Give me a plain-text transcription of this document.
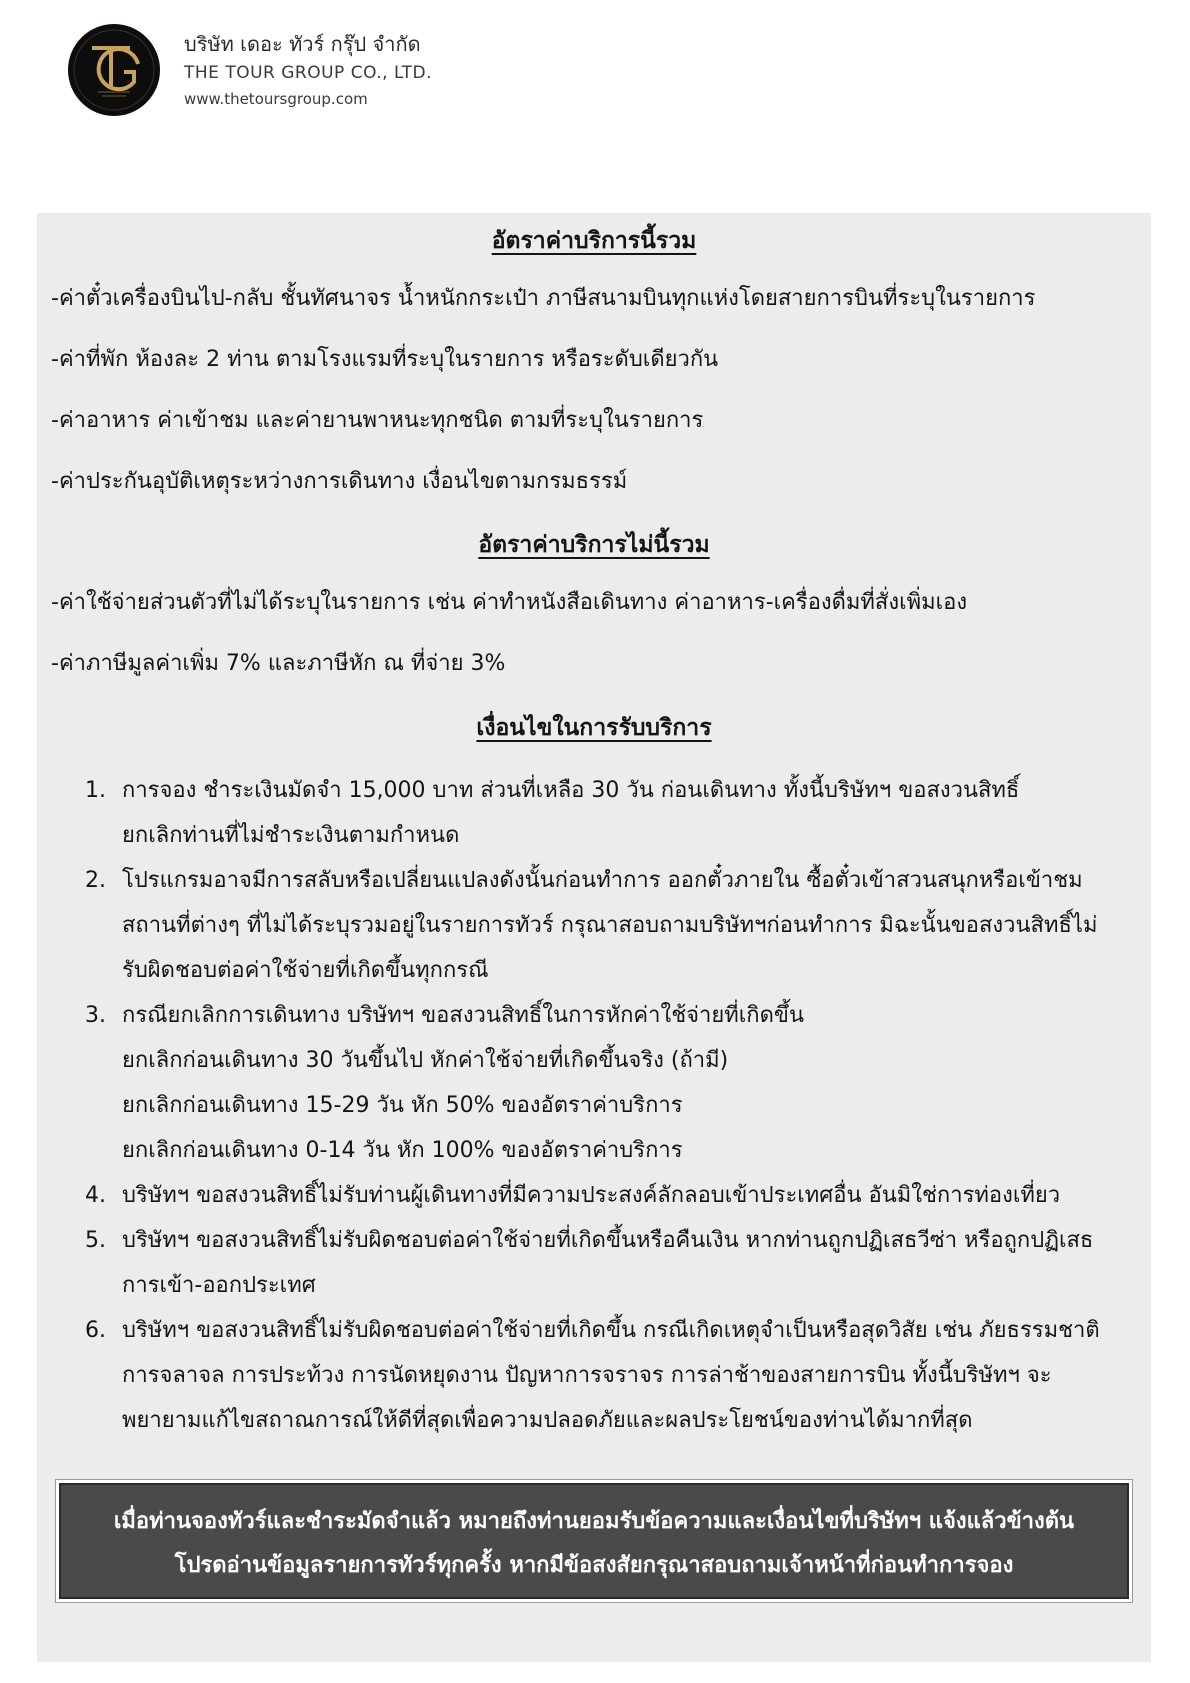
บริษัท เดอะ ทัวร์ กรุ๊ป จำกัด
THE TOUR GROUP CO., LTD.
www.thetoursgroup.com
อัตราค่าบริการนี้รวม
-ค่าตั๋วเครื่องบินไป-กลับ ชั้นทัศนาจร น้ำหนักกระเป๋า ภาษีสนามบินทุกแห่งโดยสายการบินที่ระบุในรายการ
-ค่าที่พัก ห้องละ 2 ท่าน ตามโรงแรมที่ระบุในรายการ หรือระดับเดียวกัน
-ค่าอาหาร ค่าเข้าชม และค่ายานพาหนะทุกชนิด ตามที่ระบุในรายการ
-ค่าประกันอุบัติเหตุระหว่างการเดินทาง เงื่อนไขตามกรมธรรม์
อัตราค่าบริการไม่นี้รวม
-ค่าใช้จ่ายส่วนตัวที่ไม่ได้ระบุในรายการ เช่น ค่าทำหนังสือเดินทาง ค่าอาหาร-เครื่องดื่มที่สั่งเพิ่มเอง
-ค่าภาษีมูลค่าเพิ่ม 7% และภาษีหัก ณ ที่จ่าย 3%
เงื่อนไขในการรับบริการ
1. การจอง ชำระเงินมัดจำ 15,000 บาท ส่วนที่เหลือ 30 วัน ก่อนเดินทาง ทั้งนี้บริษัทฯ ขอสงวนสิทธิ์
ยกเลิกท่านที่ไม่ชำระเงินตามกำหนด
2. โปรแกรมอาจมีการสลับหรือเปลี่ยนแปลงดังนั้นก่อนทำการ ออกตั๋วภายใน ซื้อตั๋วเข้าสวนสนุกหรือเข้าชม
สถานที่ต่างๆ ที่ไม่ได้ระบุรวมอยู่ในรายการทัวร์ กรุณาสอบถามบริษัทฯก่อนทำการ มิฉะนั้นขอสงวนสิทธิ์ไม่
รับผิดชอบต่อค่าใช้จ่ายที่เกิดขึ้นทุกกรณี
3. กรณียกเลิกการเดินทาง บริษัทฯ ขอสงวนสิทธิ์ในการหักค่าใช้จ่ายที่เกิดขึ้น
ยกเลิกก่อนเดินทาง 30 วันขึ้นไป หักค่าใช้จ่ายที่เกิดขึ้นจริง (ถ้ามี)
ยกเลิกก่อนเดินทาง 15-29 วัน หัก 50% ของอัตราค่าบริการ
ยกเลิกก่อนเดินทาง 0-14 วัน หัก 100% ของอัตราค่าบริการ
4. บริษัทฯ ขอสงวนสิทธิ์ไม่รับท่านผู้เดินทางที่มีความประสงค์ลักลอบเข้าประเทศอื่น อันมิใช่การท่องเที่ยว
5. บริษัทฯ ขอสงวนสิทธิ์ไม่รับผิดชอบต่อค่าใช้จ่ายที่เกิดขึ้นหรือคืนเงิน หากท่านถูกปฏิเสธวีซ่า หรือถูกปฏิเสธ
การเข้า-ออกประเทศ
6. บริษัทฯ ขอสงวนสิทธิ์ไม่รับผิดชอบต่อค่าใช้จ่ายที่เกิดขึ้น กรณีเกิดเหตุจำเป็นหรือสุดวิสัย เช่น ภัยธรรมชาติ
การจลาจล การประท้วง การนัดหยุดงาน ปัญหาการจราจร การล่าช้าของสายการบิน ทั้งนี้บริษัทฯ จะ
พยายามแก้ไขสถาณการณ์ให้ดีที่สุดเพื่อความปลอดภัยและผลประโยชน์ของท่านได้มากที่สุด
เมื่อท่านจองทัวร์และชำระมัดจำแล้ว หมายถึงท่านยอมรับข้อความและเงื่อนไขที่บริษัทฯ แจ้งแล้วข้างต้น
โปรดอ่านข้อมูลรายการทัวร์ทุกครั้ง หากมีข้อสงสัยกรุณาสอบถามเจ้าหน้าที่ก่อนทำการจอง
